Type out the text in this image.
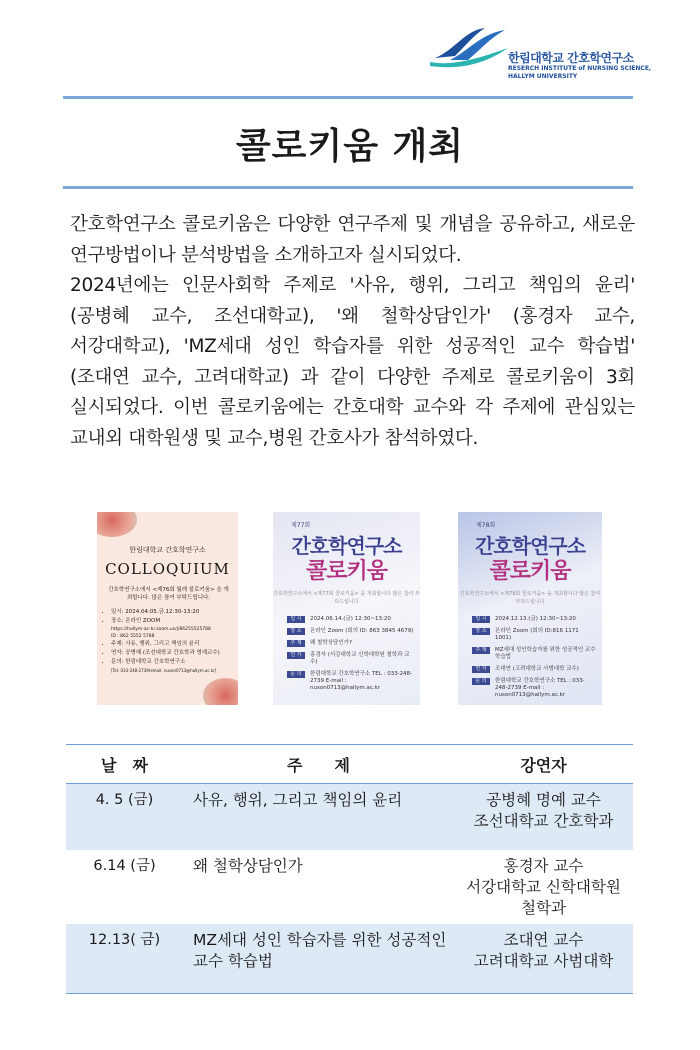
한림대학교 간호학연구소
RESERCH INSTITUTE of NURSING SCIENCE,
HALLYM UNIVERSITY
콜로키움 개최

간호학연구소 콜로키움은 다양한 연구주제 및 개념을 공유하고, 새로운 연구방법이나 분석방법을 소개하고자 실시되었다.

2024년에는 인문사회학 주제로 '사유, 행위, 그리고 책임의 윤리' (공병혜 교수, 조선대학교), '왜 철학상담인가' (홍경자 교수, 서강대학교), 'MZ세대 성인 학습자를 위한 성공적인 교수 학습법' (조대연 교수, 고려대학교) 과 같이 다양한 주제로 콜로키움이 3회 실시되었다. 이번 콜로키움에는 간호대학 교수와 각 주제에 관심있는 교내외 대학원생 및 교수,병원 간호사가 참석하였다.

한림대학교 간호학연구소
COLLOQUIUM
간호학연구소에서 <제76회 월례 콜로키움> 을 개최합니다. 많은 참여 부탁드립니다.
• 일시: 2024.04.05.금.12:30-13:20
• 장소: 온라인 ZOOM
https://hallym-ac-kr.zoom.us/j/86255525788
ID : 862 5552 5788
• 주제: 사유, 행위, 그리고 책임의 윤리
• 연자: 공병혜 (조선대학교 간호학과 명예교수)
• 문의: 한림대학교 간호학연구소
[Tel: 033-248-2739/email: nuson0713@hallym.ac.kr]
제77회
간호학연구소
콜로키움
간호학연구소에서 <제77회 콜로키움> 을 개최합니다 많은 참여 부탁드립니다
일 시	2024.06.14.(금) 12:30~13:20
장 소	온라인 Zoom (회의 ID: 863 3845 4679)
주 제	왜 철학상담인가?
연 자	홍경자 (서강대학교 신학대학원 철학과 교수)
문 의	한림대학교 간호학연구소 TEL : 033-248-2739 E-mail : nuson0713@hallym.ac.kr
제78회
간호학연구소
콜로키움
간호학연구소에서 <제78회 콜로키움> 을 개최합니다 많은 참여 부탁드립니다
일 시	2024.12.13.(금) 12:30~13:20
장 소	온라인 Zoom (회의 ID:816 1171 1001)
주 제	MZ세대 성인학습자를 위한 성공적인 교수 학습법
연 자	조대연 (고려대학교 사범대학 교수)
문 의	한림대학교 간호학연구소 TEL : 033-248-2739 E-mail : nuson0713@hallym.ac.kr
날　짜	주　　제	강연자
4. 5 (금)	사유, 행위, 그리고 책임의 윤리	공병혜 명예 교수
조선대학교 간호학과

6.14 (금)	왜 철학상담인가	홍경자 교수
서강대학교 신학대학원
철학과

12.13( 금)	MZ세대 성인 학습자를 위한 성공적인 교수 학습법	조대연 교수
고려대학교 사범대학
